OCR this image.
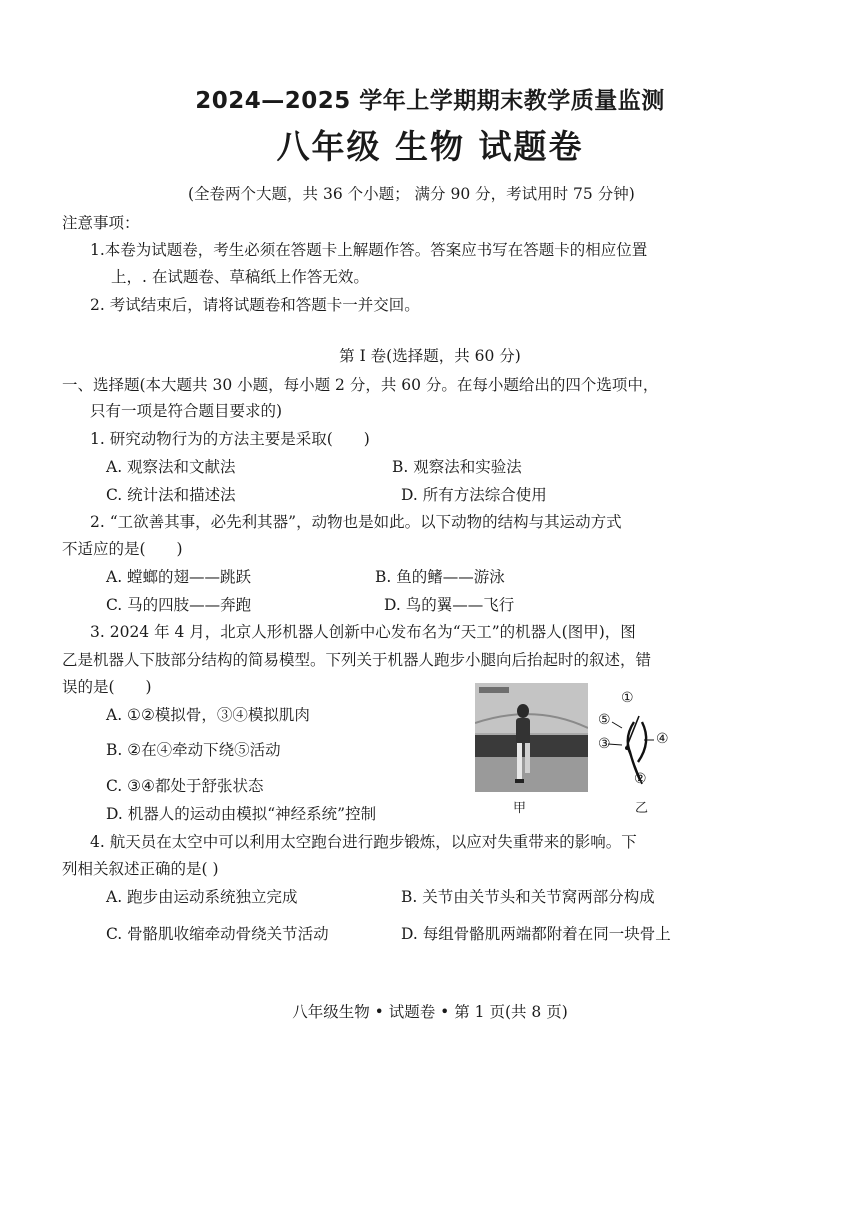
2024—2025 学年上学期期末教学质量监测
八年级 生物 试题卷
(全卷两个大题，共 36 个小题； 满分 90 分，考试用时 75 分钟)
注意事项：
1.本卷为试题卷，考生必须在答题卡上解题作答。答案应书写在答题卡的相应位置
上，. 在试题卷、草稿纸上作答无效。
2. 考试结束后，请将试题卷和答题卡一并交回。
第 I 卷(选择题，共 60 分)
一、选择题(本大题共 30 小题，每小题 2 分，共 60 分。在每小题给出的四个选项中，
只有一项是符合题目要求的)
1. 研究动物行为的方法主要是采取(　　)
A. 观察法和文献法	B. 观察法和实验法
C. 统计法和描述法	D. 所有方法综合使用
2. “工欲善其事，必先利其器”，动物也是如此。以下动物的结构与其运动方式
不适应的是(　　)
A. 螳螂的翅——跳跃	B. 鱼的鳍——游泳
C. 马的四肢——奔跑	D. 鸟的翼——飞行
3. 2024 年 4 月，北京人形机器人创新中心发布名为“天工”的机器人(图甲)，图
乙是机器人下肢部分结构的简易模型。下列关于机器人跑步小腿向后抬起时的叙述，错
误的是(　　)
A. ①②模拟骨，③④模拟肌肉
B. ②在④牵动下绕⑤活动
C. ③④都处于舒张状态
D. 机器人的运动由模拟“神经系统”控制
①
⑤
③	④
②
甲	乙
4. 航天员在太空中可以利用太空跑台进行跑步锻炼，以应对失重带来的影响。下
列相关叙述正确的是( )
A. 跑步由运动系统独立完成	B. 关节由关节头和关节窝两部分构成
C. 骨骼肌收缩牵动骨绕关节活动	D. 每组骨骼肌两端都附着在同一块骨上
八年级生物 • 试题卷 • 第 1 页(共 8 页)
